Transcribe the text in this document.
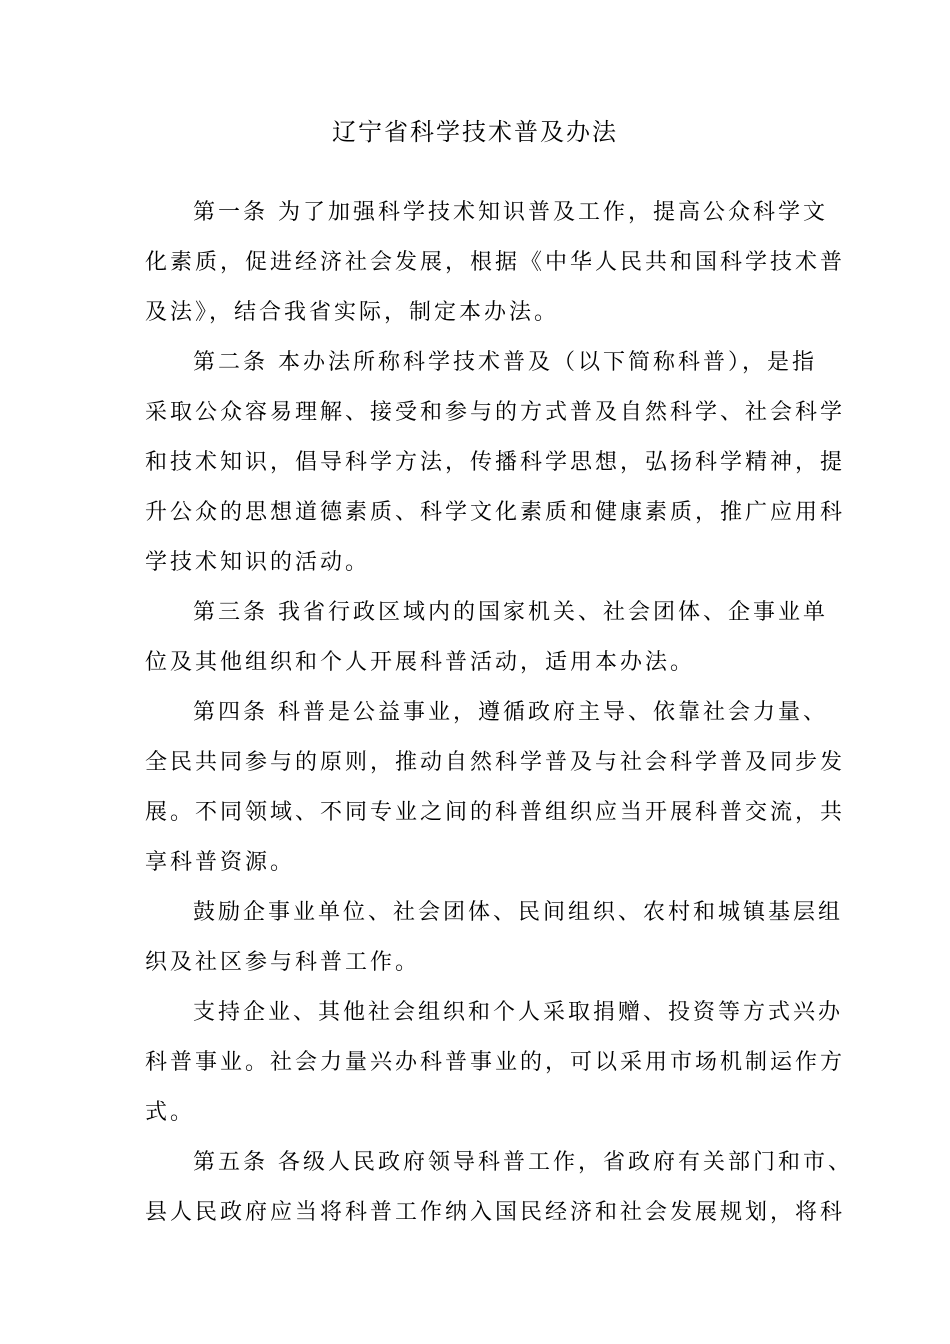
辽宁省科学技术普及办法
第一条 为了加强科学技术知识普及工作，提高公众科学文
化素质，促进经济社会发展，根据《中华人民共和国科学技术普
及法》，结合我省实际，制定本办法。
第二条 本办法所称科学技术普及（以下简称科普），是指
采取公众容易理解、接受和参与的方式普及自然科学、社会科学
和技术知识，倡导科学方法，传播科学思想，弘扬科学精神，提
升公众的思想道德素质、科学文化素质和健康素质，推广应用科
学技术知识的活动。
第三条 我省行政区域内的国家机关、社会团体、企事业单
位及其他组织和个人开展科普活动，适用本办法。
第四条 科普是公益事业，遵循政府主导、依靠社会力量、
全民共同参与的原则，推动自然科学普及与社会科学普及同步发
展。不同领域、不同专业之间的科普组织应当开展科普交流，共
享科普资源。
鼓励企事业单位、社会团体、民间组织、农村和城镇基层组
织及社区参与科普工作。
支持企业、其他社会组织和个人采取捐赠、投资等方式兴办
科普事业。社会力量兴办科普事业的，可以采用市场机制运作方
式。
第五条 各级人民政府领导科普工作，省政府有关部门和市、
县人民政府应当将科普工作纳入国民经济和社会发展规划，将科
